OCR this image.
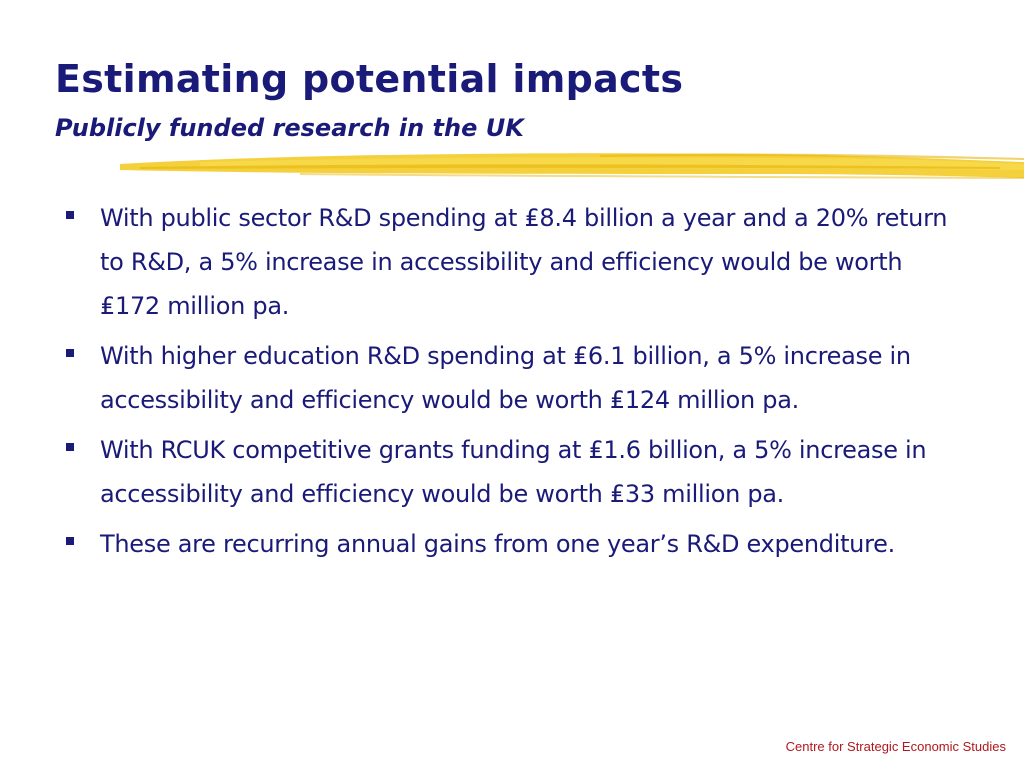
Estimating potential impacts
Publicly funded research in the UK
With public sector R&D spending at ₤8.4 billion a year and a 20% return to R&D, a 5% increase in accessibility and efficiency would be worth ₤172 million pa.
With higher education R&D spending at ₤6.1 billion, a 5% increase in accessibility and efficiency would be worth ₤124 million pa.
With RCUK competitive grants funding at ₤1.6 billion, a 5% increase in accessibility and efficiency would be worth ₤33 million pa.
These are recurring annual gains from one year’s R&D expenditure.
Centre for Strategic Economic Studies
